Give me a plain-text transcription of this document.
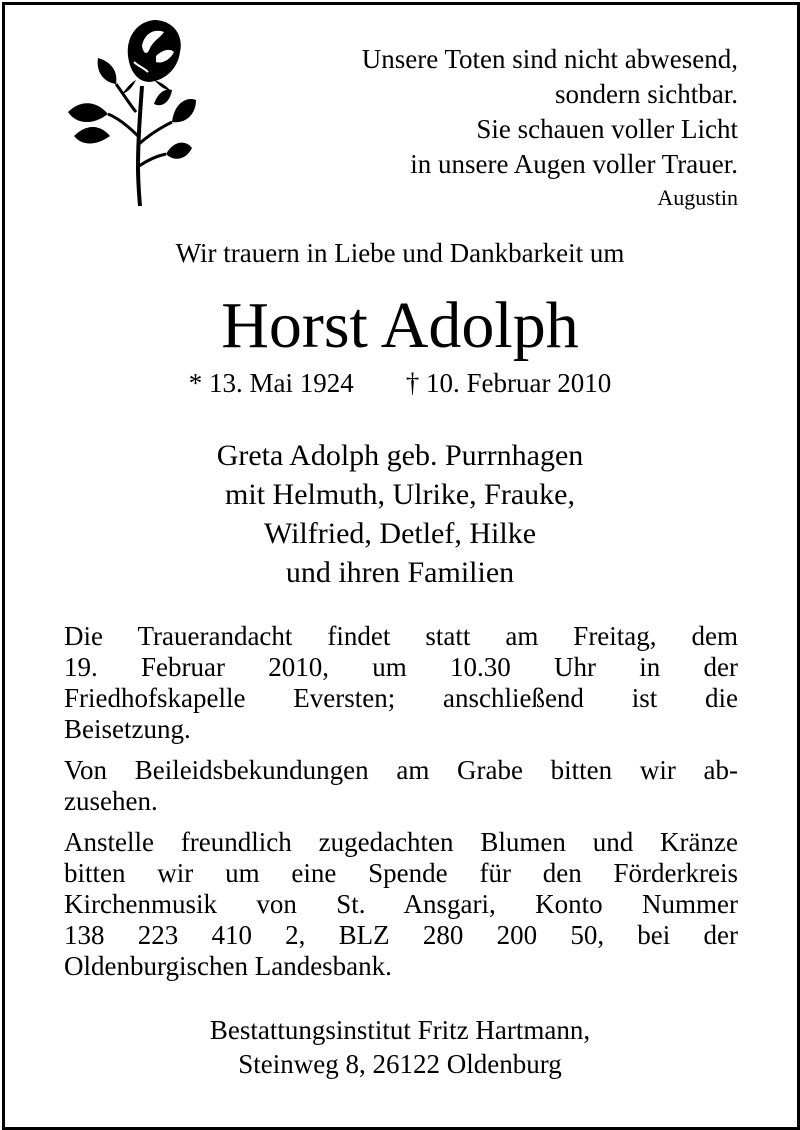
Unsere Toten sind nicht abwesend,
sondern sichtbar.
Sie schauen voller Licht
in unsere Augen voller Trauer.
Augustin
Wir trauern in Liebe und Dankbarkeit um
Horst Adolph
* 13. Mai 1924 † 10. Februar 2010
Greta Adolph geb. Purrnhagen
mit Helmuth, Ulrike, Frauke,
Wilfried, Detlef, Hilke
und ihren Familien

Die Trauerandacht findet statt am Freitag, dem
19. Februar 2010, um 10.30 Uhr in der
Friedhofskapelle Eversten; anschließend ist die
Beisetzung.

Von Beileidsbekundungen am Grabe bitten wir ab-
zusehen.

Anstelle freundlich zugedachten Blumen und Kränze
bitten wir um eine Spende für den Förderkreis
Kirchenmusik von St. Ansgari, Konto Nummer
138 223 410 2, BLZ 280 200 50, bei der
Oldenburgischen Landesbank.

Bestattungsinstitut Fritz Hartmann,
Steinweg 8, 26122 Oldenburg
